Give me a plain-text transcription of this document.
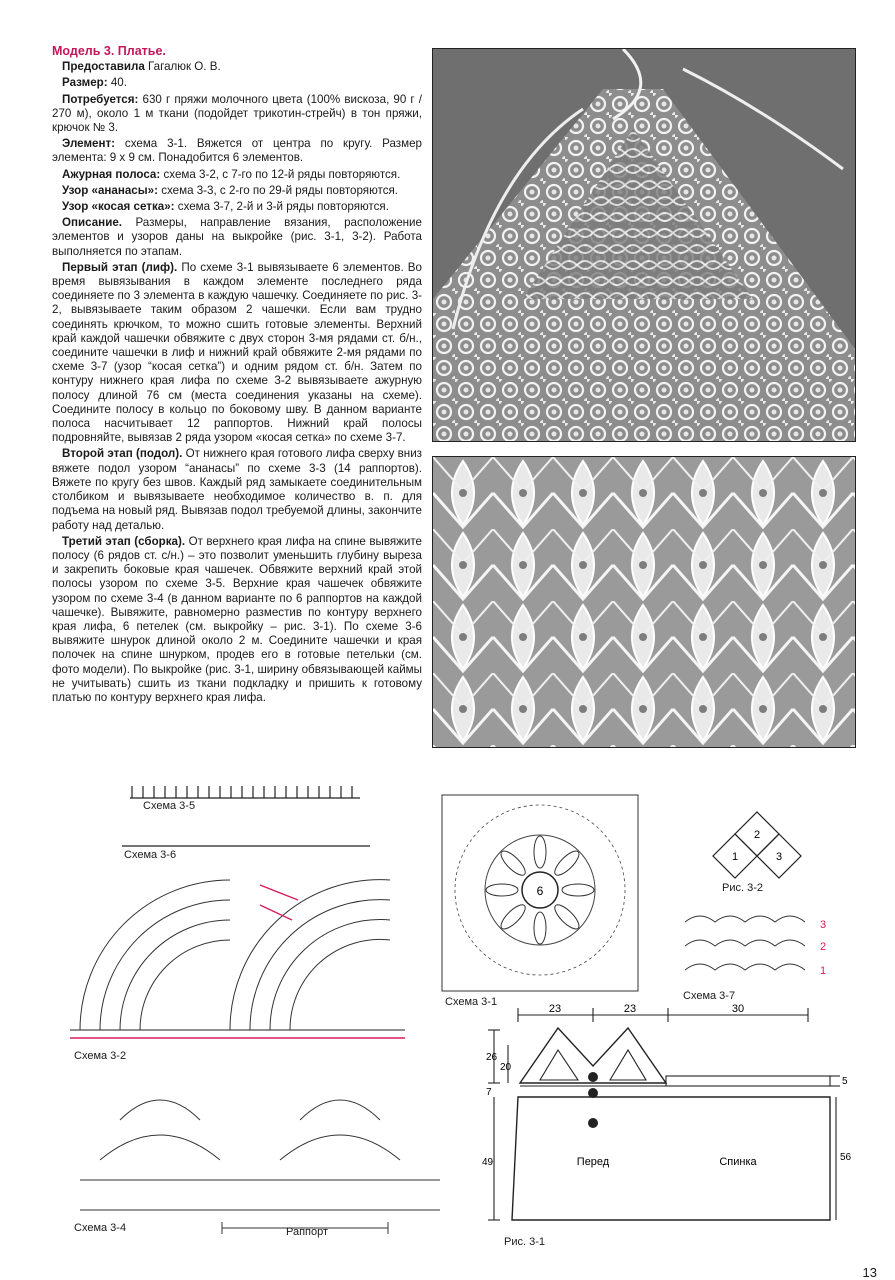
Модель 3. Платье.

Предоставила Гагалюк О. В.

Размер: 40.

Потребуется: 630 г пряжи молочного цвета (100% вискоза, 90 г / 270 м), около 1 м ткани (подойдет трикотин-стрейч) в тон пряжи, крючок № 3.

Элемент: схема 3-1. Вяжется от центра по кругу. Размер элемента: 9 х 9 см. Понадобится 6 элементов.

Ажурная полоса: схема 3-2, с 7-го по 12-й ряды повторяются.

Узор «ананасы»: схема 3-3, с 2-го по 29-й ряды повторяются.

Узор «косая сетка»: схема 3-7, 2-й и 3-й ряды повторяются.

Описание. Размеры, направление вязания, расположение элементов и узоров даны на выкройке (рис. 3-1, 3-2). Работа выполняется по этапам.

Первый этап (лиф). По схеме 3-1 вывязываете 6 элементов. Во время вывязывания в каждом элементе последнего ряда соединяете по 3 элемента в каждую чашечку. Соединяете по рис. 3-2, вывязываете таким образом 2 чашечки. Если вам трудно соединять крючком, то можно сшить готовые элементы. Верхний край каждой чашечки обвяжите с двух сторон 3-мя рядами ст. б/н., соедините чашечки в лиф и нижний край обвяжите 2-мя рядами по схеме 3-7 (узор “косая сетка”) и одним рядом ст. б/н. Затем по контуру нижнего края лифа по схеме 3-2 вывязываете ажурную полосу длиной 76 см (места соединения указаны на схеме). Соедините полосу в кольцо по боковому шву. В данном варианте полоса насчитывает 12 раппортов. Нижний край полосы подровняйте, вывязав 2 ряда узором «косая сетка» по схеме 3-7.

Второй этап (подол). От нижнего края готового лифа сверху вниз вяжете подол узором “ананасы” по схеме 3-3 (14 раппортов). Вяжете по кругу без швов. Каждый ряд замыкаете соединительным столбиком и вывязываете необходимое количество в. п. для подъема на новый ряд. Вывязав подол требуемой длины, закончите работу над деталью.

Третий этап (сборка). От верхнего края лифа на спине вывяжите полосу (6 рядов ст. с/н.) – это позволит уменьшить глубину выреза и закрепить боковые края чашечек. Обвяжите верхний край этой полосы узором по схеме 3-5. Верхние края чашечек обвяжите узором по схеме 3-4 (в данном варианте по 6 раппортов на каждой чашечке). Вывяжите, равномерно разместив по контуру верхнего края лифа, 6 петелек (см. выкройку – рис. 3-1). По схеме 3-6 вывяжите шнурок длиной около 2 м. Соедините чашечки и края полочек на спине шнурком, продев его в готовые петельки (см. фото модели). По выкройке (рис. 3-1, ширину обвязывающей каймы не учитывать) сшить из ткани подкладку и пришить к готовому платью по контуру верхнего края лифа.

Схема 3-5
Схема 3-6
Схема 3-2
Схема 3-4	Раппорт
6
Схема 3-1
2
1	3
Рис. 3-2
3
2
1
Схема 3-7
23	23	30
26
20
7
49	56
5
Перед	Спинка
Рис. 3-1
13
